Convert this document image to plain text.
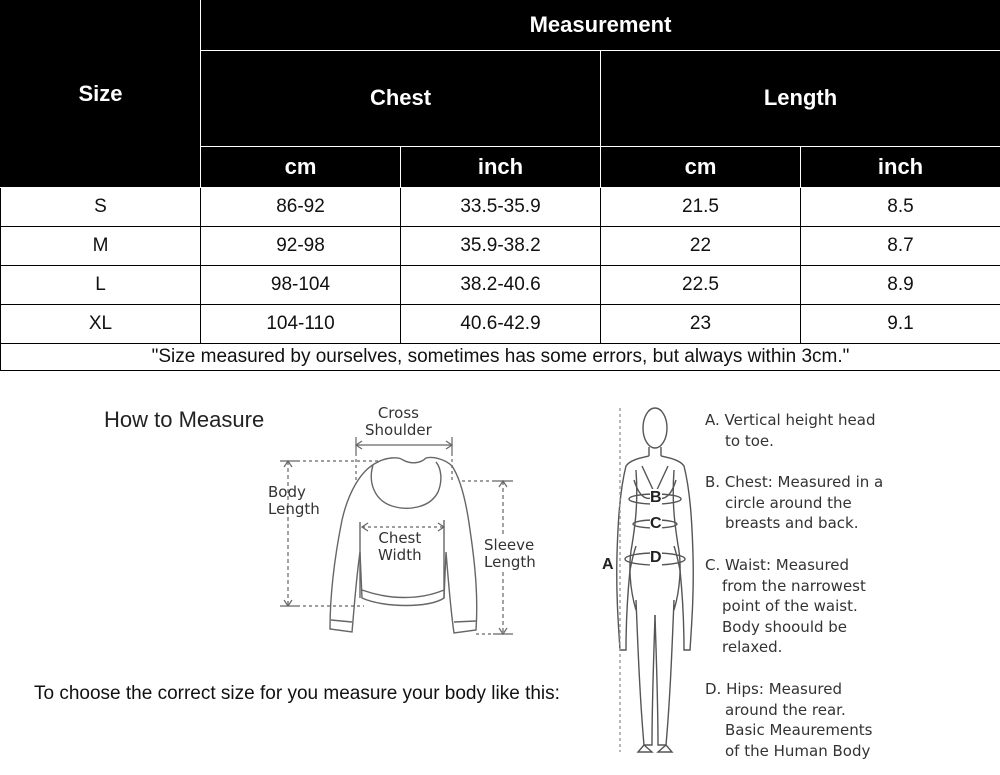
Size	Measurement			
	Chest		Length	
	cm	inch	cm	inch
S	86-92	33.5-35.9	21.5	8.5
M	92-98	35.9-38.2	22	8.7
L	98-104	38.2-40.6	22.5	8.9
XL	104-110	40.6-42.9	23	9.1
"Size measured by ourselves, sometimes has some errors, but always within 3cm."				
How to Measure
To choose the correct size for you measure your body like this:
Cross
Shoulder
Body
Length
Chest
Width
Sleeve
Length	A
B
C
D
A. Vertical height head
to toe.
B. Chest: Measured in a
circle around the
breasts and back.
C. Waist: Measured
from the narrowest
point of the waist.
Body shoould be
relaxed.
D. Hips: Measured
around the rear.
Basic Meaurements
of the Human Body
